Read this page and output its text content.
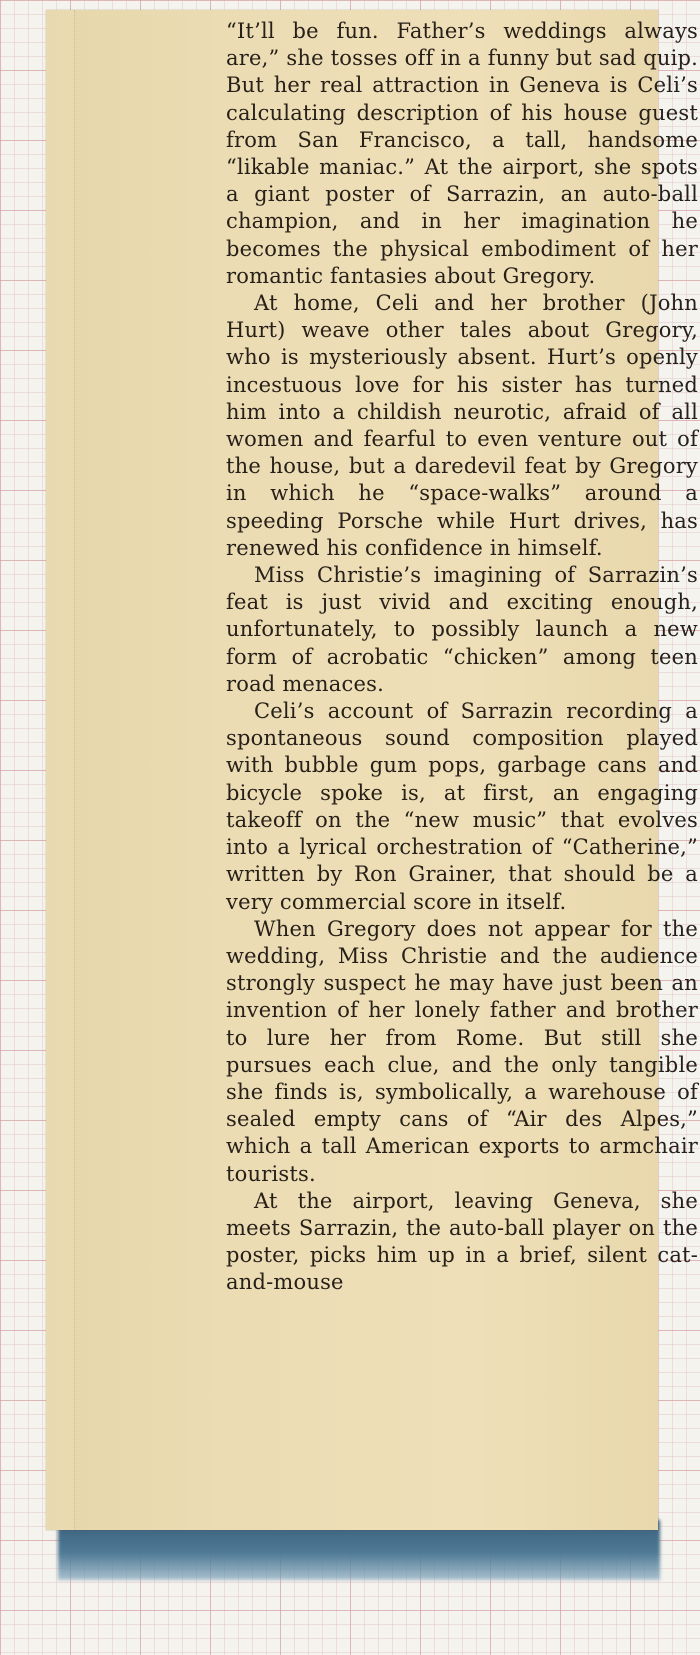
“It’ll be fun. Father’s weddings always are,” she tosses off in a funny but sad quip. But her real attraction in Geneva is Celi’s calculating description of his house guest from San Francisco, a tall, handsome “likable maniac.” At the airport, she spots a giant poster of Sarrazin, an auto-ball champion, and in her imagination he becomes the physical embodiment of her romantic fantasies about Gregory.

At home, Celi and her brother (John Hurt) weave other tales about Gregory, who is mysteriously absent. Hurt’s openly incestuous love for his sister has turned him into a childish neurotic, afraid of all women and fearful to even venture out of the house, but a daredevil feat by Gregory in which he “space-walks” around a speeding Porsche while Hurt drives, has renewed his confidence in himself.

Miss Christie’s imagining of Sarrazin’s feat is just vivid and exciting enough, unfortunately, to possibly launch a new form of acrobatic “chicken” among teen road menaces.

Celi’s account of Sarrazin recording a spontaneous sound composition played with bubble gum pops, garbage cans and bicycle spoke is, at first, an engaging takeoff on the “new music” that evolves into a lyrical orchestration of “Catherine,” written by Ron Grainer, that should be a very commercial score in itself.

When Gregory does not appear for the wedding, Miss Christie and the audience strongly suspect he may have just been an invention of her lonely father and brother to lure her from Rome. But still she pursues each clue, and the only tangible she finds is, symbolically, a warehouse of sealed empty cans of “Air des Alpes,” which a tall American exports to armchair tourists.

At the airport, leaving Geneva, she meets Sarrazin, the auto-ball player on the poster, picks him up in a brief, silent cat-and-mouse
